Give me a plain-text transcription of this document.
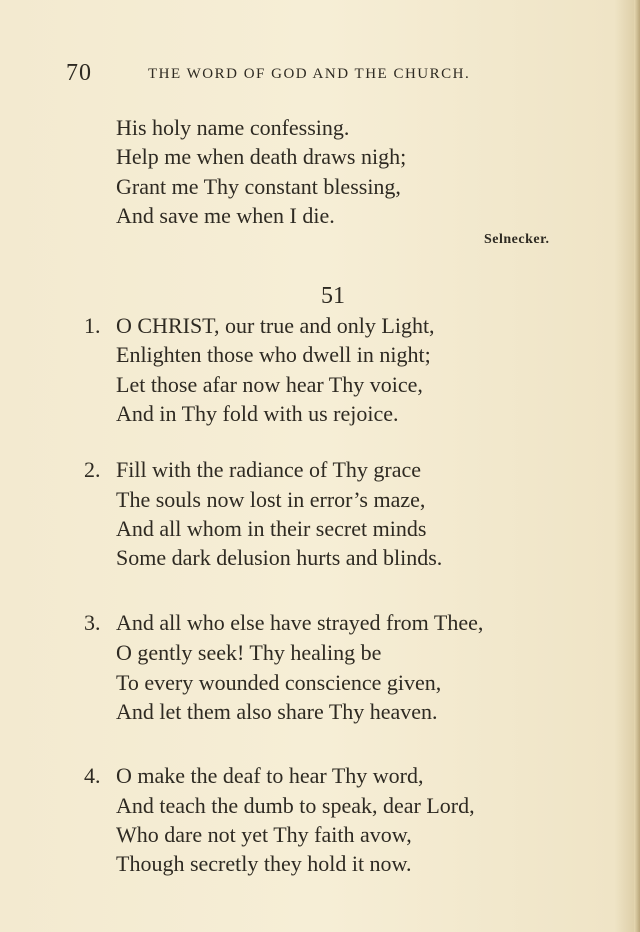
70	THE WORD OF GOD AND THE CHURCH.
His holy name confessing.
Help me when death draws nigh;
Grant me Thy constant blessing,
And save me when I die.
Selnecker.
51
1. O CHRIST, our true and only Light,
Enlighten those who dwell in night;
Let those afar now hear Thy voice,
And in Thy fold with us rejoice.
2. Fill with the radiance of Thy grace
The souls now lost in error’s maze,
And all whom in their secret minds
Some dark delusion hurts and blinds.
3. And all who else have strayed from Thee,
O gently seek! Thy healing be
To every wounded conscience given,
And let them also share Thy heaven.
4. O make the deaf to hear Thy word,
And teach the dumb to speak, dear Lord,
Who dare not yet Thy faith avow,
Though secretly they hold it now.
